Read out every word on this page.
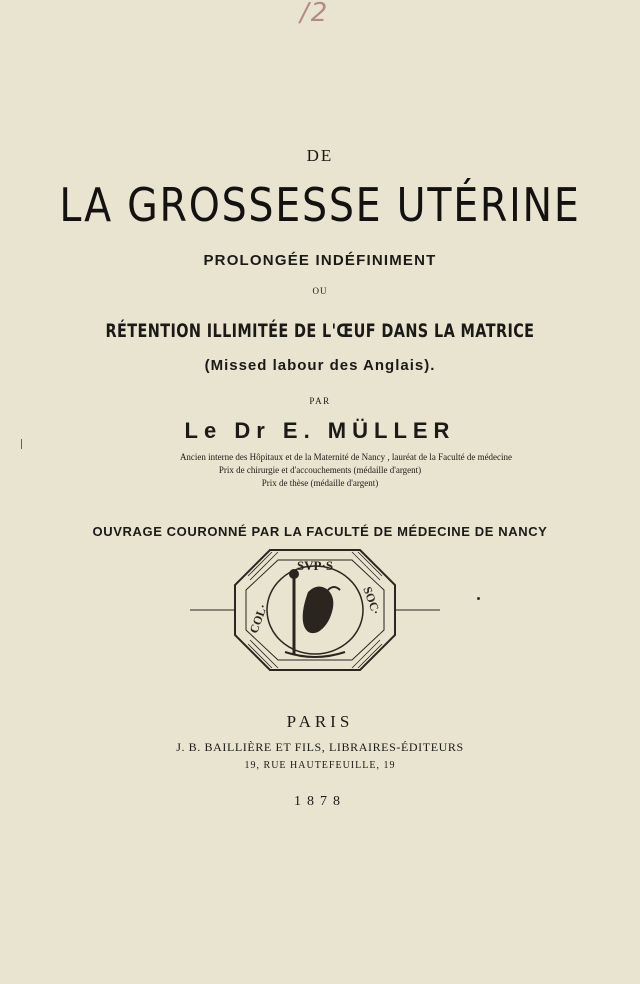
/2
DE
LA GROSSESSE UTÉRINE
PROLONGÉE INDÉFINIMENT
OU
RÉTENTION ILLIMITÉE DE L'ŒUF DANS LA MATRICE
(Missed labour des Anglais).
PAR
Le Dr E. MÜLLER
Ancien interne des Hôpitaux et de la Maternité de Nancy , lauréat de la Faculté de médecine
Prix de chirurgie et d'accouchements (médaille d'argent)
Prix de thèse (médaille d'argent)
OUVRAGE COURONNÉ PAR LA FACULTÉ DE MÉDECINE DE NANCY
SVP·S
COL·
SOC·
PARIS
J. B. BAILLIÈRE ET FILS, LIBRAIRES-ÉDITEURS
19, RUE HAUTEFEUILLE, 19
1878
